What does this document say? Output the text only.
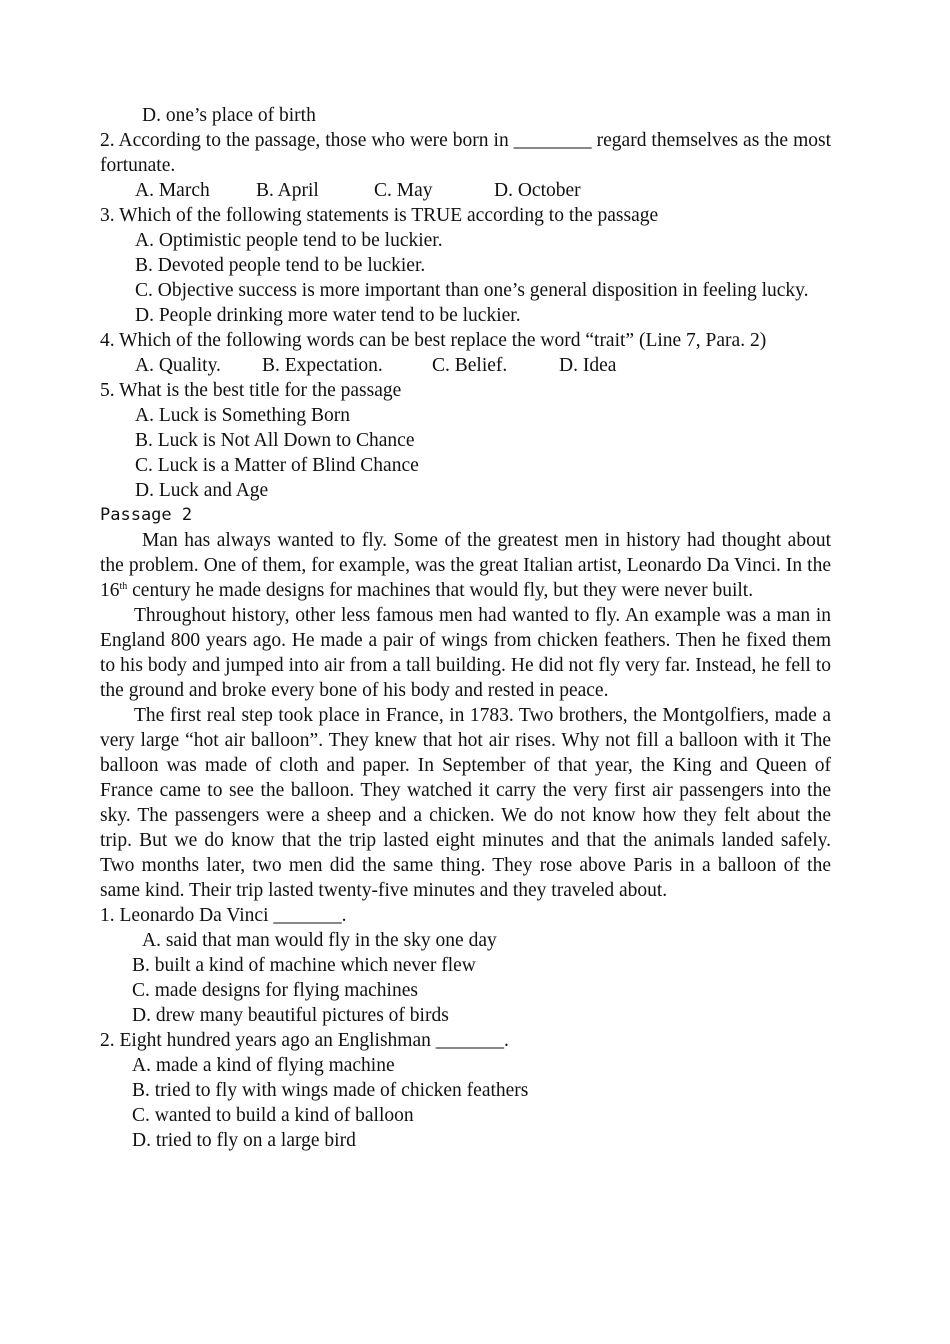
D. one’s place of birth
2. According to the passage, those who were born in ________ regard themselves as the most fortunate.
A. March B. April	C. May	D. October
3. Which of the following statements is TRUE according to the passage
A. Optimistic people tend to be luckier.
B. Devoted people tend to be luckier.
C. Objective success is more important than one’s general disposition in feeling lucky.
D. People drinking more water tend to be luckier.
4. Which of the following words can be best replace the word “trait” (Line 7, Para. 2)
A. Quality. B. Expectation.	C. Belief.	D. Idea
5. What is the best title for the passage
A. Luck is Something Born
B. Luck is Not All Down to Chance
C. Luck is a Matter of Blind Chance
D. Luck and Age
Passage 2
Man has always wanted to fly. Some of the greatest men in history had thought about the problem. One of them, for example, was the great Italian artist, Leonardo Da Vinci. In the 16th century he made designs for machines that would fly, but they were never built.
Throughout history, other less famous men had wanted to fly. An example was a man in England 800 years ago. He made a pair of wings from chicken feathers. Then he fixed them to his body and jumped into air from a tall building. He did not fly very far. Instead, he fell to the ground and broke every bone of his body and rested in peace.
The first real step took place in France, in 1783. Two brothers, the Montgolfiers, made a very large “hot air balloon”. They knew that hot air rises. Why not fill a balloon with it The balloon was made of cloth and paper. In September of that year, the King and Queen of France came to see the balloon. They watched it carry the very first air passengers into the sky. The passengers were a sheep and a chicken. We do not know how they felt about the trip. But we do know that the trip lasted eight minutes and that the animals landed safely. Two months later, two men did the same thing. They rose above Paris in a balloon of the same kind. Their trip lasted twenty-five minutes and they traveled about.
1. Leonardo Da Vinci _______.
A. said that man would fly in the sky one day
B. built a kind of machine which never flew
C. made designs for flying machines
D. drew many beautiful pictures of birds
2. Eight hundred years ago an Englishman _______.
A. made a kind of flying machine
B. tried to fly with wings made of chicken feathers
C. wanted to build a kind of balloon
D. tried to fly on a large bird
